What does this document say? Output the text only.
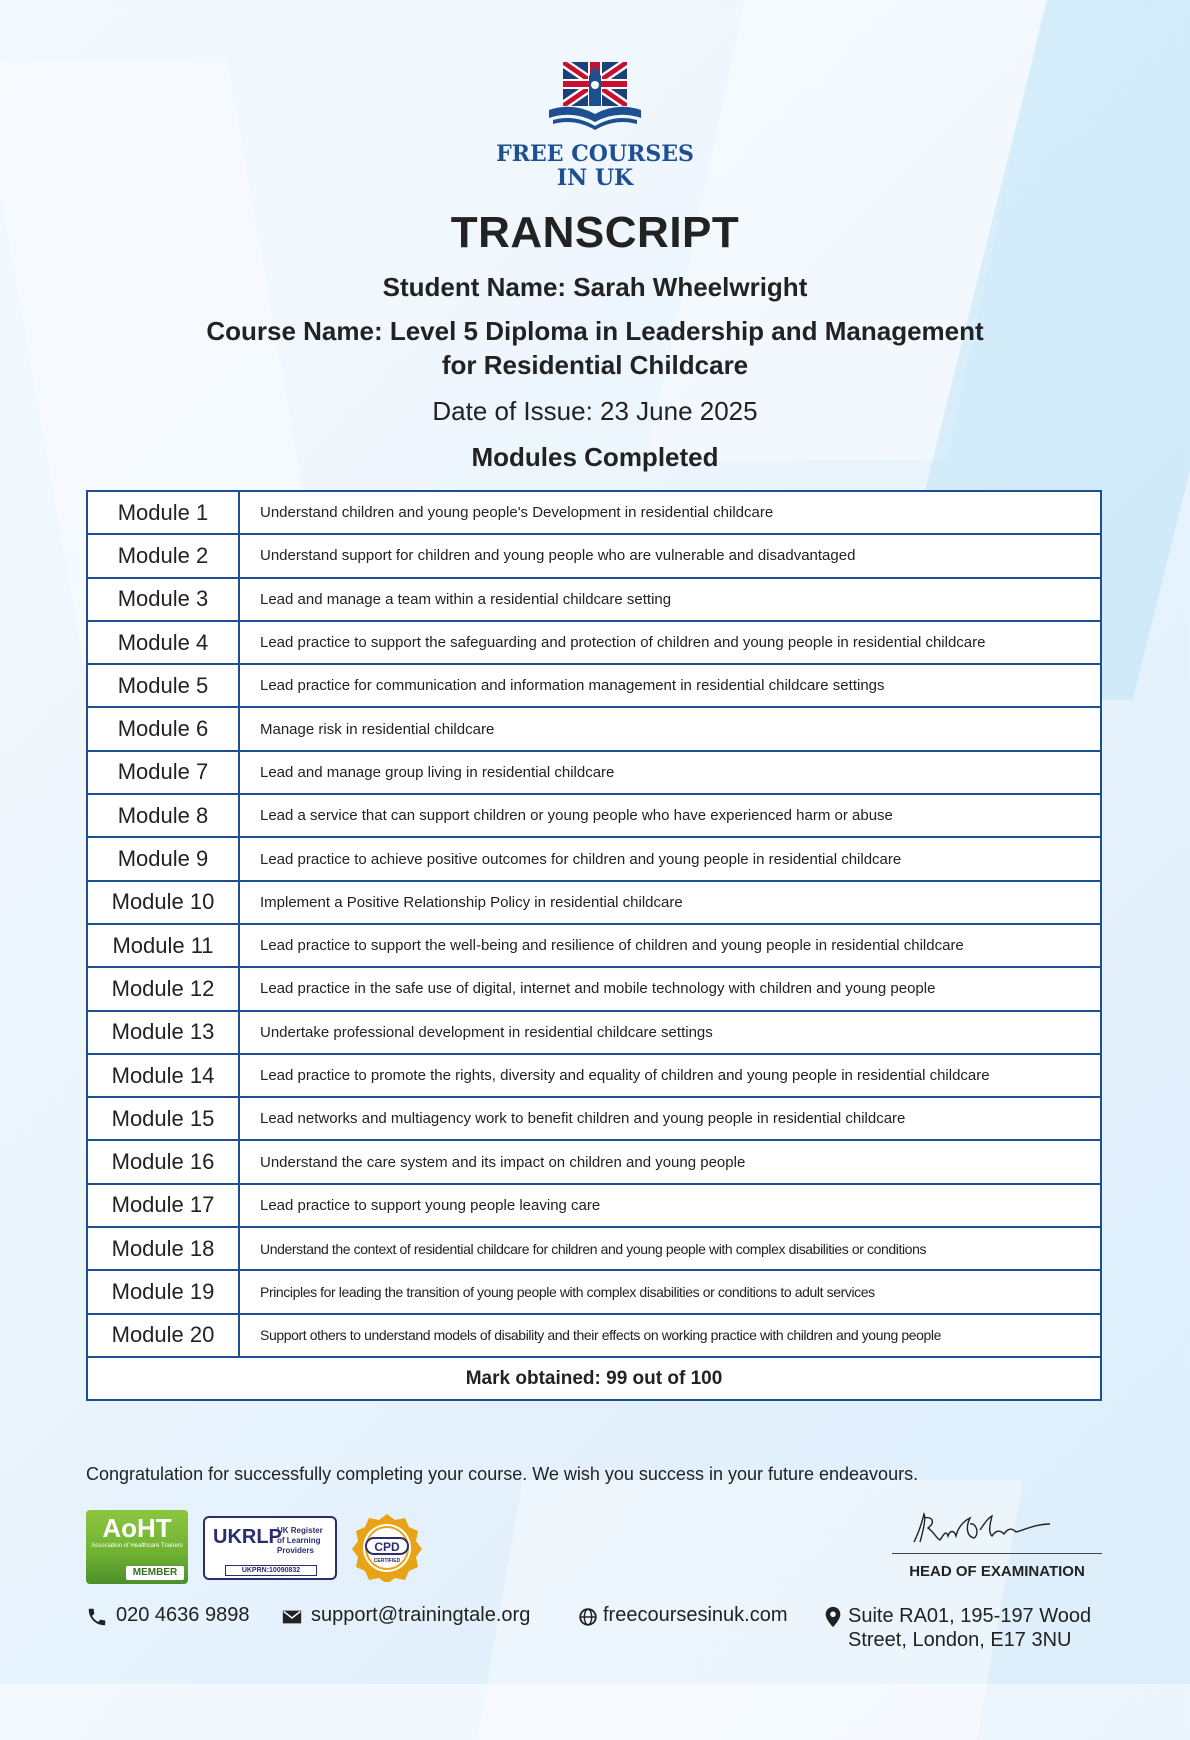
FREE COURSES
IN UK
TRANSCRIPT
Student Name: Sarah Wheelwright
Course Name: Level 5 Diploma in Leadership and Management for Residential Childcare
Date of Issue: 23 June 2025
Modules Completed
Module 1	Understand children and young people's Development in residential childcare
Module 2	Understand support for children and young people who are vulnerable and disadvantaged
Module 3	Lead and manage a team within a residential childcare setting
Module 4	Lead practice to support the safeguarding and protection of children and young people in residential childcare
Module 5	Lead practice for communication and information management in residential childcare settings
Module 6	Manage risk in residential childcare
Module 7	Lead and manage group living in residential childcare
Module 8	Lead a service that can support children or young people who have experienced harm or abuse
Module 9	Lead practice to achieve positive outcomes for children and young people in residential childcare
Module 10	Implement a Positive Relationship Policy in residential childcare
Module 11	Lead practice to support the well-being and resilience of children and young people in residential childcare
Module 12	Lead practice in the safe use of digital, internet and mobile technology with children and young people
Module 13	Undertake professional development in residential childcare settings
Module 14	Lead practice to promote the rights, diversity and equality of children and young people in residential childcare
Module 15	Lead networks and multiagency work to benefit children and young people in residential childcare
Module 16	Understand the care system and its impact on children and young people
Module 17	Lead practice to support young people leaving care
Module 18	Understand the context of residential childcare for children and young people with complex disabilities or conditions
Module 19	Principles for leading the transition of young people with complex disabilities or conditions to adult services
Module 20	Support others to understand models of disability and their effects on working practice with children and young people
Mark obtained: 99 out of 100	
Congratulation for successfully completing your course. We wish you success in your future endeavours.
AoHT
Association of Healthcare Trainers
MEMBER
UKRLP
UK Register
of Learning
Providers
UKPRN:10090832
CPD
CERTIFIED
HEAD OF EXAMINATION
020 4636 9898	support@trainingtale.org	freecoursesinuk.com	Suite RA01, 195-197 Wood
Street, London, E17 3NU
